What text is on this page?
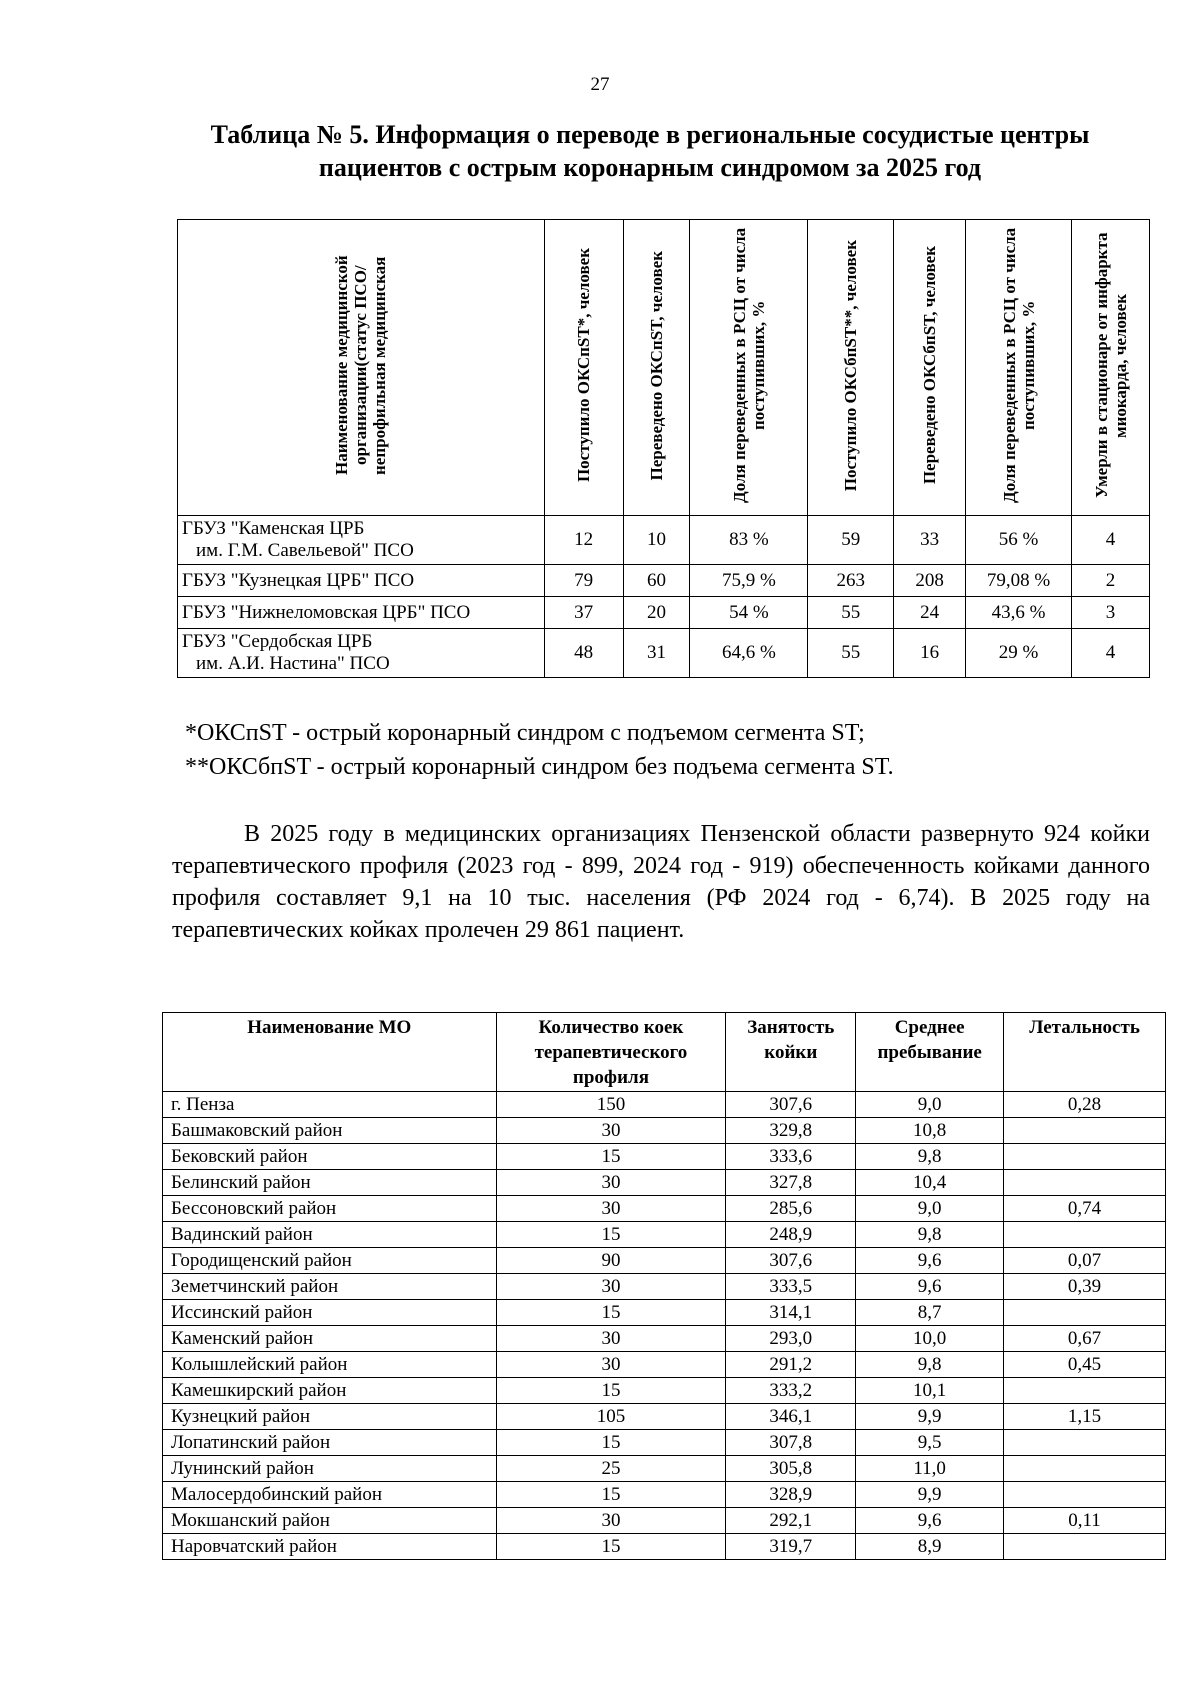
27
Таблица № 5. Информация о переводе в региональные сосудистые центры пациентов с острым коронарным синдромом за 2025 год
Наименование медицинской организации(статус ПСО/непрофильная медицинская	Поступило ОКСпST*, человек	Переведено ОКСпST, человек	Доля переведенных в РСЦ от числа поступивших, %	Поступило ОКСбпST**, человек	Переведено ОКСбпST, человек	Доля переведенных в РСЦ от числа поступивших, %	Умерли в стационаре от инфаркта миокарда, человек

ГБУЗ "Каменская ЦРБ
им. Г.М. Савельевой" ПСО	12	10	83 %	59	33	56 %	4

ГБУЗ "Кузнецкая ЦРБ" ПСО	79	60	75,9 %	263	208	79,08 %	2

ГБУЗ "Нижнеломовская ЦРБ" ПСО	37	20	54 %	55	24	43,6 %	3

ГБУЗ "Сердобская ЦРБ
им. А.И. Настина" ПСО	48	31	64,6 %	55	16	29 %	4
*ОКСпST - острый коронарный синдром с подъемом сегмента ST;
**ОКСбпST - острый коронарный синдром без подъема сегмента ST.
В 2025 году в медицинских организациях Пензенской области развернуто 924 койки терапевтического профиля (2023 год - 899, 2024 год - 919) обеспеченность койками данного профиля составляет 9,1 на 10 тыс. населения (РФ 2024 год - 6,74). В 2025 году на терапевтических койках пролечен 29 861 пациент.
Наименование МО	Количество коек терапевтического профиля	Занятость койки	Среднее пребывание	Летальность
г. Пенза	150	307,6	9,0	0,28
Башмаковский район	30	329,8	10,8	
Бековский район	15	333,6	9,8	
Белинский район	30	327,8	10,4	
Бессоновский район	30	285,6	9,0	0,74
Вадинский район	15	248,9	9,8	
Городищенский район	90	307,6	9,6	0,07
Земетчинский район	30	333,5	9,6	0,39
Иссинский район	15	314,1	8,7	
Каменский район	30	293,0	10,0	0,67
Колышлейский район	30	291,2	9,8	0,45
Камешкирский район	15	333,2	10,1	
Кузнецкий район	105	346,1	9,9	1,15
Лопатинский район	15	307,8	9,5	
Лунинский район	25	305,8	11,0	
Малосердобинский район	15	328,9	9,9	
Мокшанский район	30	292,1	9,6	0,11
Наровчатский район	15	319,7	8,9	
